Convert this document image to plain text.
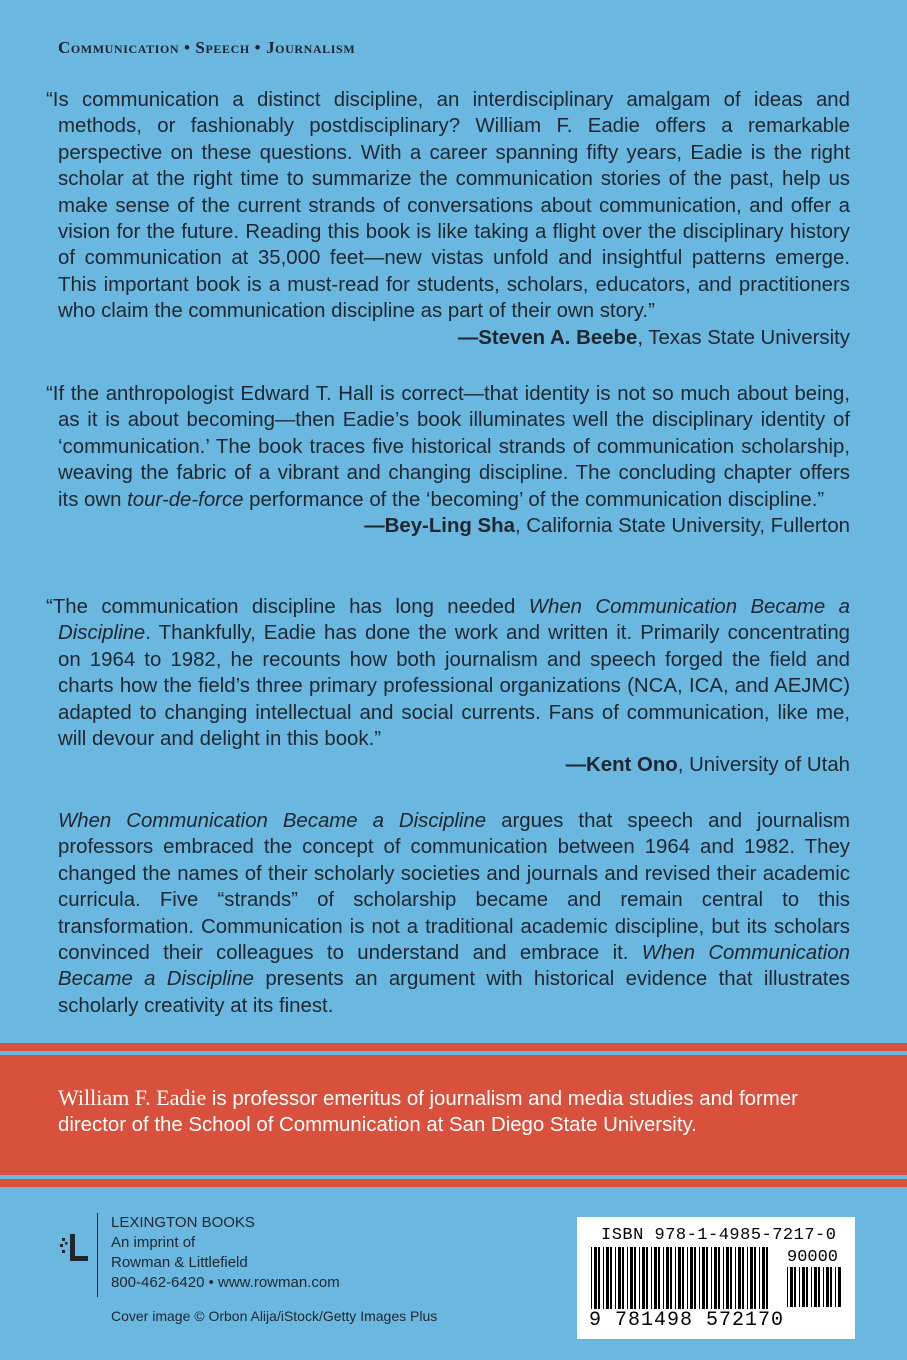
Communication • Speech • Journalism

“Is communication a distinct discipline, an interdisciplinary amalgam of ideas and methods, or fashionably postdisciplinary? William F. Eadie offers a remarkable perspective on these questions. With a career spanning fifty years, Eadie is the right scholar at the right time to summarize the communication stories of the past, help us make sense of the current strands of conversations about communication, and offer a vision for the future. Reading this book is like taking a flight over the disciplinary history of communication at 35,000 feet—new vistas unfold and insightful patterns emerge. This important book is a must-read for students, scholars, educators, and practitioners who claim the communication discipline as part of their own story.”

—Steven A. Beebe, Texas State University

“If the anthropologist Edward T. Hall is correct—that identity is not so much about being, as it is about becoming—then Eadie’s book illuminates well the disciplinary identity of ‘communication.’ The book traces five historical strands of communication scholarship, weaving the fabric of a vibrant and changing discipline. The concluding chapter offers its own tour-de-force performance of the ‘becoming’ of the communication discipline.”

—Bey-Ling Sha, California State University, Fullerton

“The communication discipline has long needed When Communication Became a Discipline. Thankfully, Eadie has done the work and written it. Primarily concentrating on 1964 to 1982, he recounts how both journalism and speech forged the field and charts how the field’s three primary professional organizations (NCA, ICA, and AEJMC) adapted to changing intellectual and social currents. Fans of communication, like me, will devour and delight in this book.”

—Kent Ono, University of Utah

When Communication Became a Discipline argues that speech and journalism professors embraced the concept of communication between 1964 and 1982. They changed the names of their scholarly societies and journals and revised their academic curricula. Five “strands” of scholarship became and remain central to this transformation. Communication is not a traditional academic discipline, but its scholars convinced their colleagues to understand and embrace it. When Communication Became a Discipline presents an argument with historical evidence that illustrates scholarly creativity at its finest.

William F. Eadie is professor emeritus of journalism and media studies and former director of the School of Communication at San Diego State University.
LEXINGTON BOOKS
An imprint of
Rowman & Littlefield
800-462-6420 • www.rowman.com
Cover image © Orbon Alija/iStock/Getty Images Plus
ISBN 978-1-4985-7217-0
90000
9 781498 572170
